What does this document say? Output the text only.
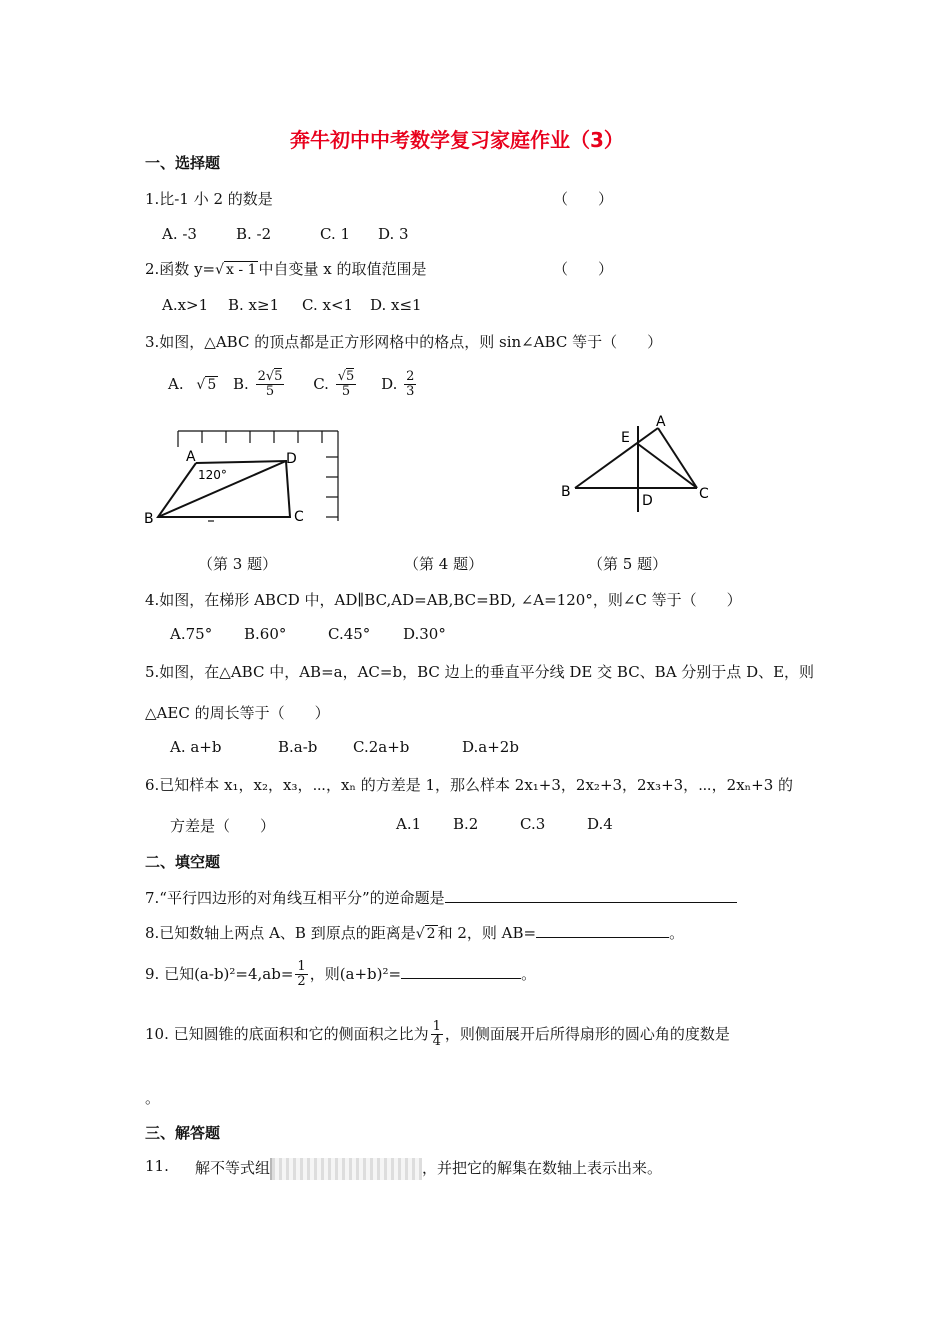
奔牛初中中考数学复习家庭作业（3）
一、选择题
1.比-1 小 2 的数是	（　　）
A. -3	B. -2	C. 1 D. 3
2.函数 y=√ x - 1 中自变量 x 的取值范围是	（　　）
A.x>1 B. x≥1 C. x<1 D. x≤1
3.如图，△ABC 的顶点都是正方形网格中的格点，则 sin∠ABC 等于（　　）
A. √ 5 B. $\frac{2√5}{5} C$. $\frac{√5}{5} D$. $\frac{2}{3}$
A	D
B	C
120°
A
E
B
D	C
（第 3 题）	（第 4 题）	（第 5 题）
4.如图，在梯形 ABCD 中，AD∥BC,AD=AB,BC=BD, ∠A=120°，则∠C 等于（　　）
A.75° B.60°	C.45° D.30°
5.如图，在△ABC 中，AB=a，AC=b，BC 边上的垂直平分线 DE 交 BC、BA 分别于点 D、E，则
△AEC 的周长等于（　　）
A. a+b	B.a-b C.2a+b	D.a+2b
6.已知样本 x₁，x₂，x₃，⋯，xₙ 的方差是 1，那么样本 2x₁+3，2x₂+3，2x₃+3，⋯，2xₙ+3 的
方差是（　　）	A.1 B.2	C.3	D.4
二、填空题
7.“平行四边形的对角线互相平分”的逆命题是
8.已知数轴上两点 A、B 到原点的距离是√ 2 和 2，则 AB=	。
9. 已知$(a-b)^2=4,ab= \frac{1}{2}$ ，则(a+b)²=	。
10. 已知圆锥的底面积和它的侧面积之比为 $\frac{1}{4}$ ，则侧面展开后所得扇形的圆心角的度数是
。
三、解答题
11. 解不等式组	，并把它的解集在数轴上表示出来。
